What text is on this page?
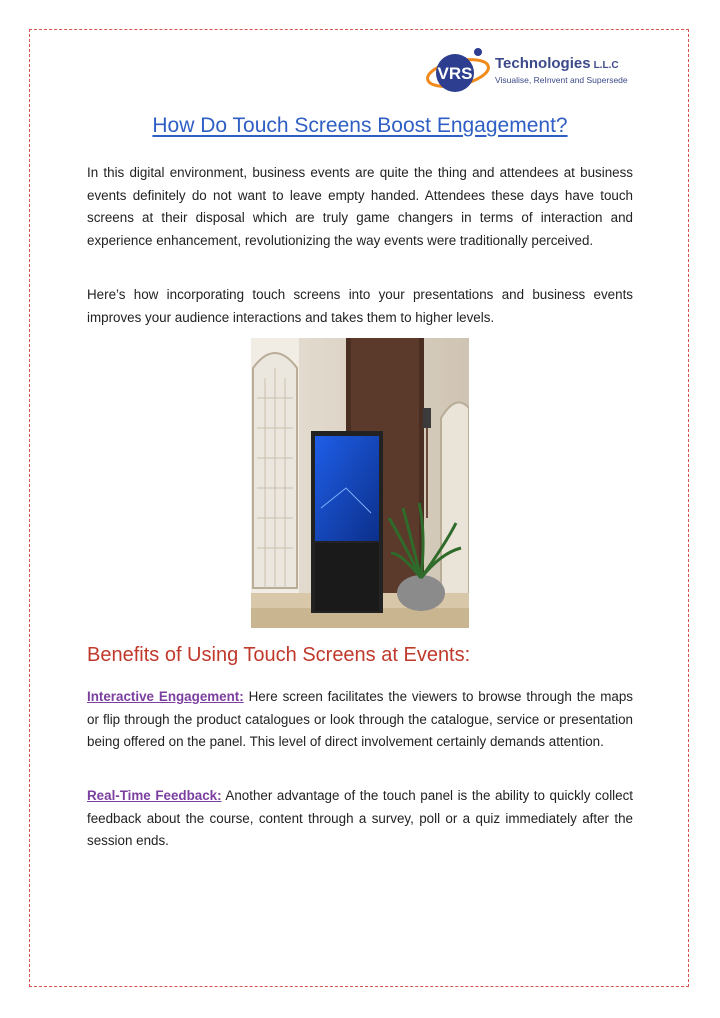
VRS
Technologies L.L.C
Visualise, ReInvent and Supersede
How Do Touch Screens Boost Engagement?
In this digital environment, business events are quite the thing and attendees at business events definitely do not want to leave empty handed. Attendees these days have touch screens at their disposal which are truly game changers in terms of interaction and experience enhancement, revolutionizing the way events were traditionally perceived.
Here’s how incorporating touch screens into your presentations and business events improves your audience interactions and takes them to higher levels.
Benefits of Using Touch Screens at Events:
Interactive Engagement: Here screen facilitates the viewers to browse through the maps or flip through the product catalogues or look through the catalogue, service or presentation being offered on the panel. This level of direct involvement certainly demands attention.
Real-Time Feedback: Another advantage of the touch panel is the ability to quickly collect feedback about the course, content through a survey, poll or a quiz immediately after the session ends.
